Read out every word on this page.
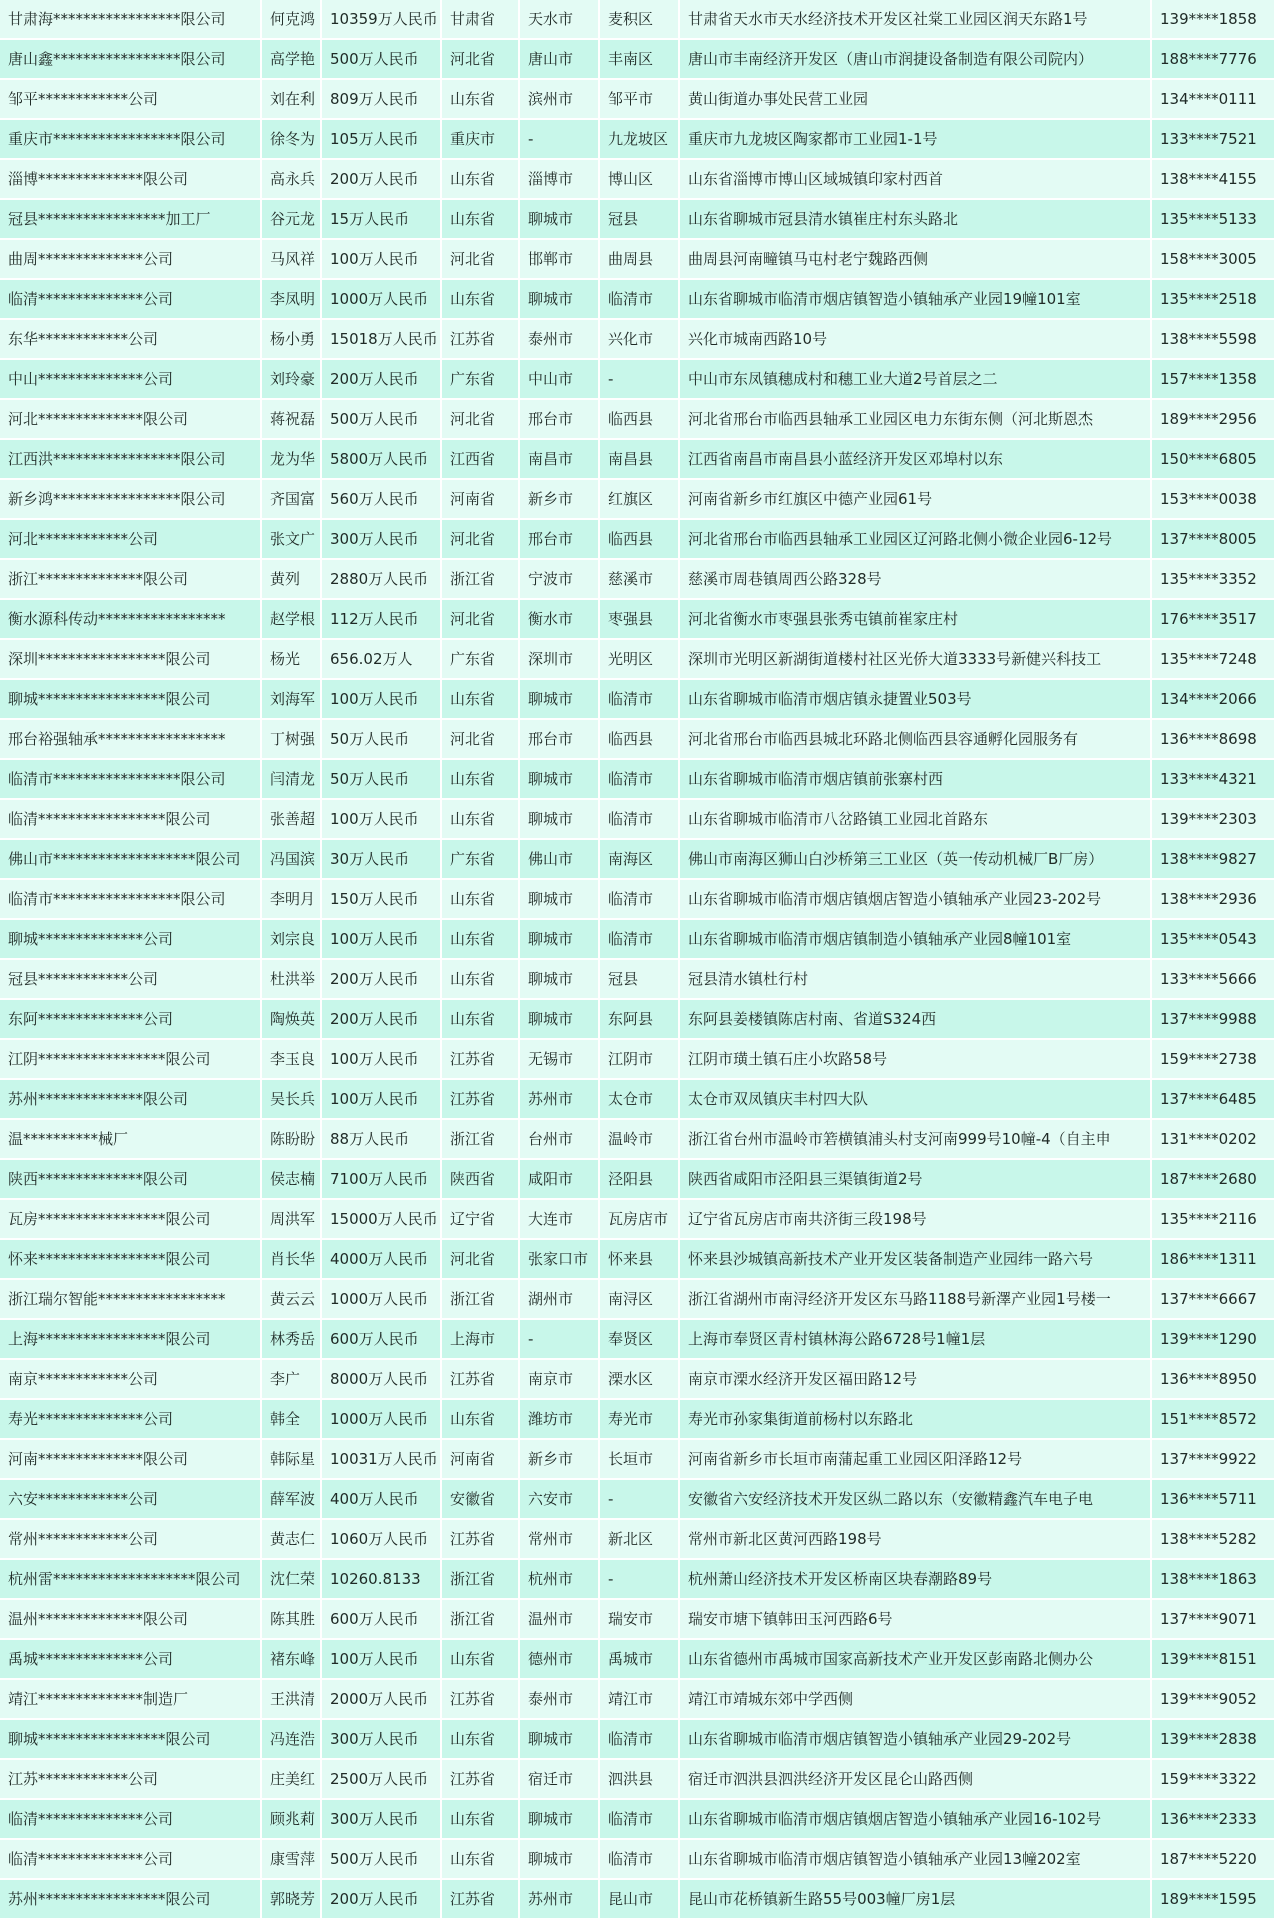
甘肃海*****************限公司	何克鸿	10359万人民币	甘肃省	天水市	麦积区	甘肃省天水市天水经济技术开发区社棠工业园区润天东路1号	139****1858
唐山鑫*****************限公司	高学艳	500万人民币	河北省	唐山市	丰南区	唐山市丰南经济开发区（唐山市润捷设备制造有限公司院内）	188****7776
邹平************公司	刘在利	809万人民币	山东省	滨州市	邹平市	黄山街道办事处民营工业园	134****0111
重庆市*****************限公司	徐冬为	105万人民币	重庆市	-	九龙坡区	重庆市九龙坡区陶家都市工业园1-1号	133****7521
淄博**************限公司	高永兵	200万人民币	山东省	淄博市	博山区	山东省淄博市博山区域城镇印家村西首	138****4155
冠县*****************加工厂	谷元龙	15万人民币	山东省	聊城市	冠县	山东省聊城市冠县清水镇崔庄村东头路北	135****5133
曲周**************公司	马风祥	100万人民币	河北省	邯郸市	曲周县	曲周县河南疃镇马屯村老宁魏路西侧	158****3005
临清**************公司	李凤明	1000万人民币	山东省	聊城市	临清市	山东省聊城市临清市烟店镇智造小镇轴承产业园19幢101室	135****2518
东华************公司	杨小勇	15018万人民币	江苏省	泰州市	兴化市	兴化市城南西路10号	138****5598
中山**************公司	刘玲豪	200万人民币	广东省	中山市	-	中山市东凤镇穗成村和穗工业大道2号首层之二	157****1358
河北**************限公司	蒋祝磊	500万人民币	河北省	邢台市	临西县	河北省邢台市临西县轴承工业园区电力东街东侧（河北斯恩杰	189****2956
江西洪*****************限公司	龙为华	5800万人民币	江西省	南昌市	南昌县	江西省南昌市南昌县小蓝经济开发区邓埠村以东	150****6805
新乡鸿*****************限公司	齐国富	560万人民币	河南省	新乡市	红旗区	河南省新乡市红旗区中德产业园61号	153****0038
河北************公司	张文广	300万人民币	河北省	邢台市	临西县	河北省邢台市临西县轴承工业园区辽河路北侧小微企业园6-12号	137****8005
浙江**************限公司	黄列	2880万人民币	浙江省	宁波市	慈溪市	慈溪市周巷镇周西公路328号	135****3352
衡水源科传动*****************	赵学根	112万人民币	河北省	衡水市	枣强县	河北省衡水市枣强县张秀屯镇前崔家庄村	176****3517
深圳*****************限公司	杨光	656.02万人	广东省	深圳市	光明区	深圳市光明区新湖街道楼村社区光侨大道3333号新健兴科技工	135****7248
聊城*****************限公司	刘海军	100万人民币	山东省	聊城市	临清市	山东省聊城市临清市烟店镇永捷置业503号	134****2066
邢台裕强轴承*****************	丁树强	50万人民币	河北省	邢台市	临西县	河北省邢台市临西县城北环路北侧临西县容通孵化园服务有	136****8698
临清市*****************限公司	闫清龙	50万人民币	山东省	聊城市	临清市	山东省聊城市临清市烟店镇前张寨村西	133****4321
临清*****************限公司	张善超	100万人民币	山东省	聊城市	临清市	山东省聊城市临清市八岔路镇工业园北首路东	139****2303
佛山市*******************限公司	冯国滨	30万人民币	广东省	佛山市	南海区	佛山市南海区狮山白沙桥第三工业区（英一传动机械厂B厂房）	138****9827
临清市*****************限公司	李明月	150万人民币	山东省	聊城市	临清市	山东省聊城市临清市烟店镇烟店智造小镇轴承产业园23-202号	138****2936
聊城**************公司	刘宗良	100万人民币	山东省	聊城市	临清市	山东省聊城市临清市烟店镇制造小镇轴承产业园8幢101室	135****0543
冠县************公司	杜洪举	200万人民币	山东省	聊城市	冠县	冠县清水镇杜行村	133****5666
东阿**************公司	陶焕英	200万人民币	山东省	聊城市	东阿县	东阿县姜楼镇陈店村南、省道S324西	137****9988
江阴*****************限公司	李玉良	100万人民币	江苏省	无锡市	江阴市	江阴市璜土镇石庄小坎路58号	159****2738
苏州**************限公司	吴长兵	100万人民币	江苏省	苏州市	太仓市	太仓市双凤镇庆丰村四大队	137****6485
温**********械厂	陈盼盼	88万人民币	浙江省	台州市	温岭市	浙江省台州市温岭市箬横镇浦头村支河南999号10幢-4（自主申	131****0202
陕西**************限公司	侯志楠	7100万人民币	陕西省	咸阳市	泾阳县	陕西省咸阳市泾阳县三渠镇街道2号	187****2680
瓦房*****************限公司	周洪军	15000万人民币	辽宁省	大连市	瓦房店市	辽宁省瓦房店市南共济街三段198号	135****2116
怀来*****************限公司	肖长华	4000万人民币	河北省	张家口市	怀来县	怀来县沙城镇高新技术产业开发区装备制造产业园纬一路六号	186****1311
浙江瑞尔智能*****************	黄云云	1000万人民币	浙江省	湖州市	南浔区	浙江省湖州市南浔经济开发区东马路1188号新澤产业园1号楼一	137****6667
上海*****************限公司	林秀岳	600万人民币	上海市	-	奉贤区	上海市奉贤区青村镇林海公路6728号1幢1层	139****1290
南京************公司	李广	8000万人民币	江苏省	南京市	溧水区	南京市溧水经济开发区福田路12号	136****8950
寿光**************公司	韩全	1000万人民币	山东省	潍坊市	寿光市	寿光市孙家集街道前杨村以东路北	151****8572
河南**************限公司	韩际星	10031万人民币	河南省	新乡市	长垣市	河南省新乡市长垣市南蒲起重工业园区阳泽路12号	137****9922
六安************公司	薛军波	400万人民币	安徽省	六安市	-	安徽省六安经济技术开发区纵二路以东（安徽精鑫汽车电子电	136****5711
常州************公司	黄志仁	1060万人民币	江苏省	常州市	新北区	常州市新北区黄河西路198号	138****5282
杭州雷*******************限公司	沈仁荣	10260.8133	浙江省	杭州市	-	杭州萧山经济技术开发区桥南区块春潮路89号	138****1863
温州**************限公司	陈其胜	600万人民币	浙江省	温州市	瑞安市	瑞安市塘下镇韩田玉河西路6号	137****9071
禹城**************公司	褚东峰	100万人民币	山东省	德州市	禹城市	山东省德州市禹城市国家高新技术产业开发区彭南路北侧办公	139****8151
靖江**************制造厂	王洪清	2000万人民币	江苏省	泰州市	靖江市	靖江市靖城东郊中学西侧	139****9052
聊城*****************限公司	冯连浩	300万人民币	山东省	聊城市	临清市	山东省聊城市临清市烟店镇智造小镇轴承产业园29-202号	139****2838
江苏************公司	庄美红	2500万人民币	江苏省	宿迁市	泗洪县	宿迁市泗洪县泗洪经济开发区昆仑山路西侧	159****3322
临清**************公司	顾兆莉	300万人民币	山东省	聊城市	临清市	山东省聊城市临清市烟店镇烟店智造小镇轴承产业园16-102号	136****2333
临清**************公司	康雪萍	500万人民币	山东省	聊城市	临清市	山东省聊城市临清市烟店镇智造小镇轴承产业园13幢202室	187****5220
苏州*****************限公司	郭晓芳	200万人民币	江苏省	苏州市	昆山市	昆山市花桥镇新生路55号003幢厂房1层	189****1595
